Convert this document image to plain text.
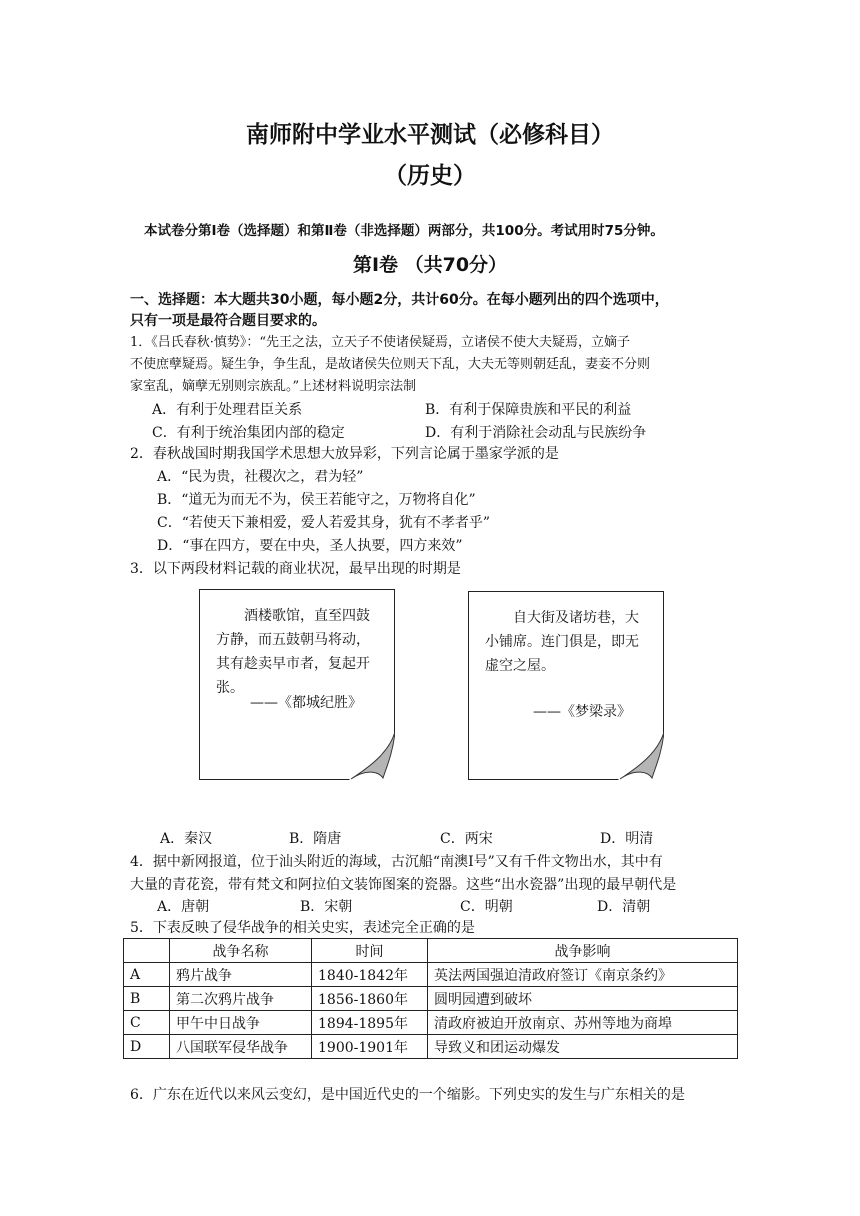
南师附中学业水平测试（必修科目）
（历史）
本试卷分第Ⅰ卷（选择题）和第Ⅱ卷（非选择题）两部分，共100分。考试用时75分钟。
第Ⅰ卷 （共70分）
一、选择题：本大题共30小题，每小题2分，共计60分。在每小题列出的四个选项中，
只有一项是最符合题目要求的。
1．《吕氏春秋·慎势》：“先王之法，立天子不使诸侯疑焉，立诸侯不使大夫疑焉，立嫡子
不使庶孽疑焉。疑生争，争生乱，是故诸侯失位则天下乱，大夫无等则朝廷乱，妻妾不分则
家室乱，嫡孽无别则宗族乱。”上述材料说明宗法制
A．有利于处理君臣关系	B．有利于保障贵族和平民的利益
C．有利于统治集团内部的稳定	D．有利于消除社会动乱与民族纷争
2．春秋战国时期我国学术思想大放异彩，下列言论属于墨家学派的是
A．“民为贵，社稷次之，君为轻”
B．“道无为而无不为，侯王若能守之，万物将自化”
C．“若使天下兼相爱，爱人若爱其身，犹有不孝者乎”
D．“事在四方，要在中央，圣人执要，四方来效”
3．以下两段材料记载的商业状况，最早出现的时期是
酒楼歌馆，直至四鼓方静，而五鼓朝马将动，其有趁卖早市者，复起开张。
——《都城纪胜》
自大街及诸坊巷，大小铺席。连门俱是，即无虚空之屋。
——《梦梁录》
A．秦汉	B．隋唐	C．两宋	D．明清
4．据中新网报道，位于汕头附近的海域，古沉船“南澳Ⅰ号”又有千件文物出水，其中有
大量的青花瓷，带有梵文和阿拉伯文装饰图案的瓷器。这些“出水瓷器”出现的最早朝代是
A．唐朝	B．宋朝	C．明朝	D．清朝
5．下表反映了侵华战争的相关史实，表述完全正确的是
	战争名称	时间	战争影响
A	鸦片战争	1840-1842年	英法两国强迫清政府签订《南京条约》
B	第二次鸦片战争	1856-1860年	圆明园遭到破坏
C	甲午中日战争	1894-1895年	清政府被迫开放南京、苏州等地为商埠
D	八国联军侵华战争	1900-1901年	导致义和团运动爆发
6．广东在近代以来风云变幻，是中国近代史的一个缩影。下列史实的发生与广东相关的是
